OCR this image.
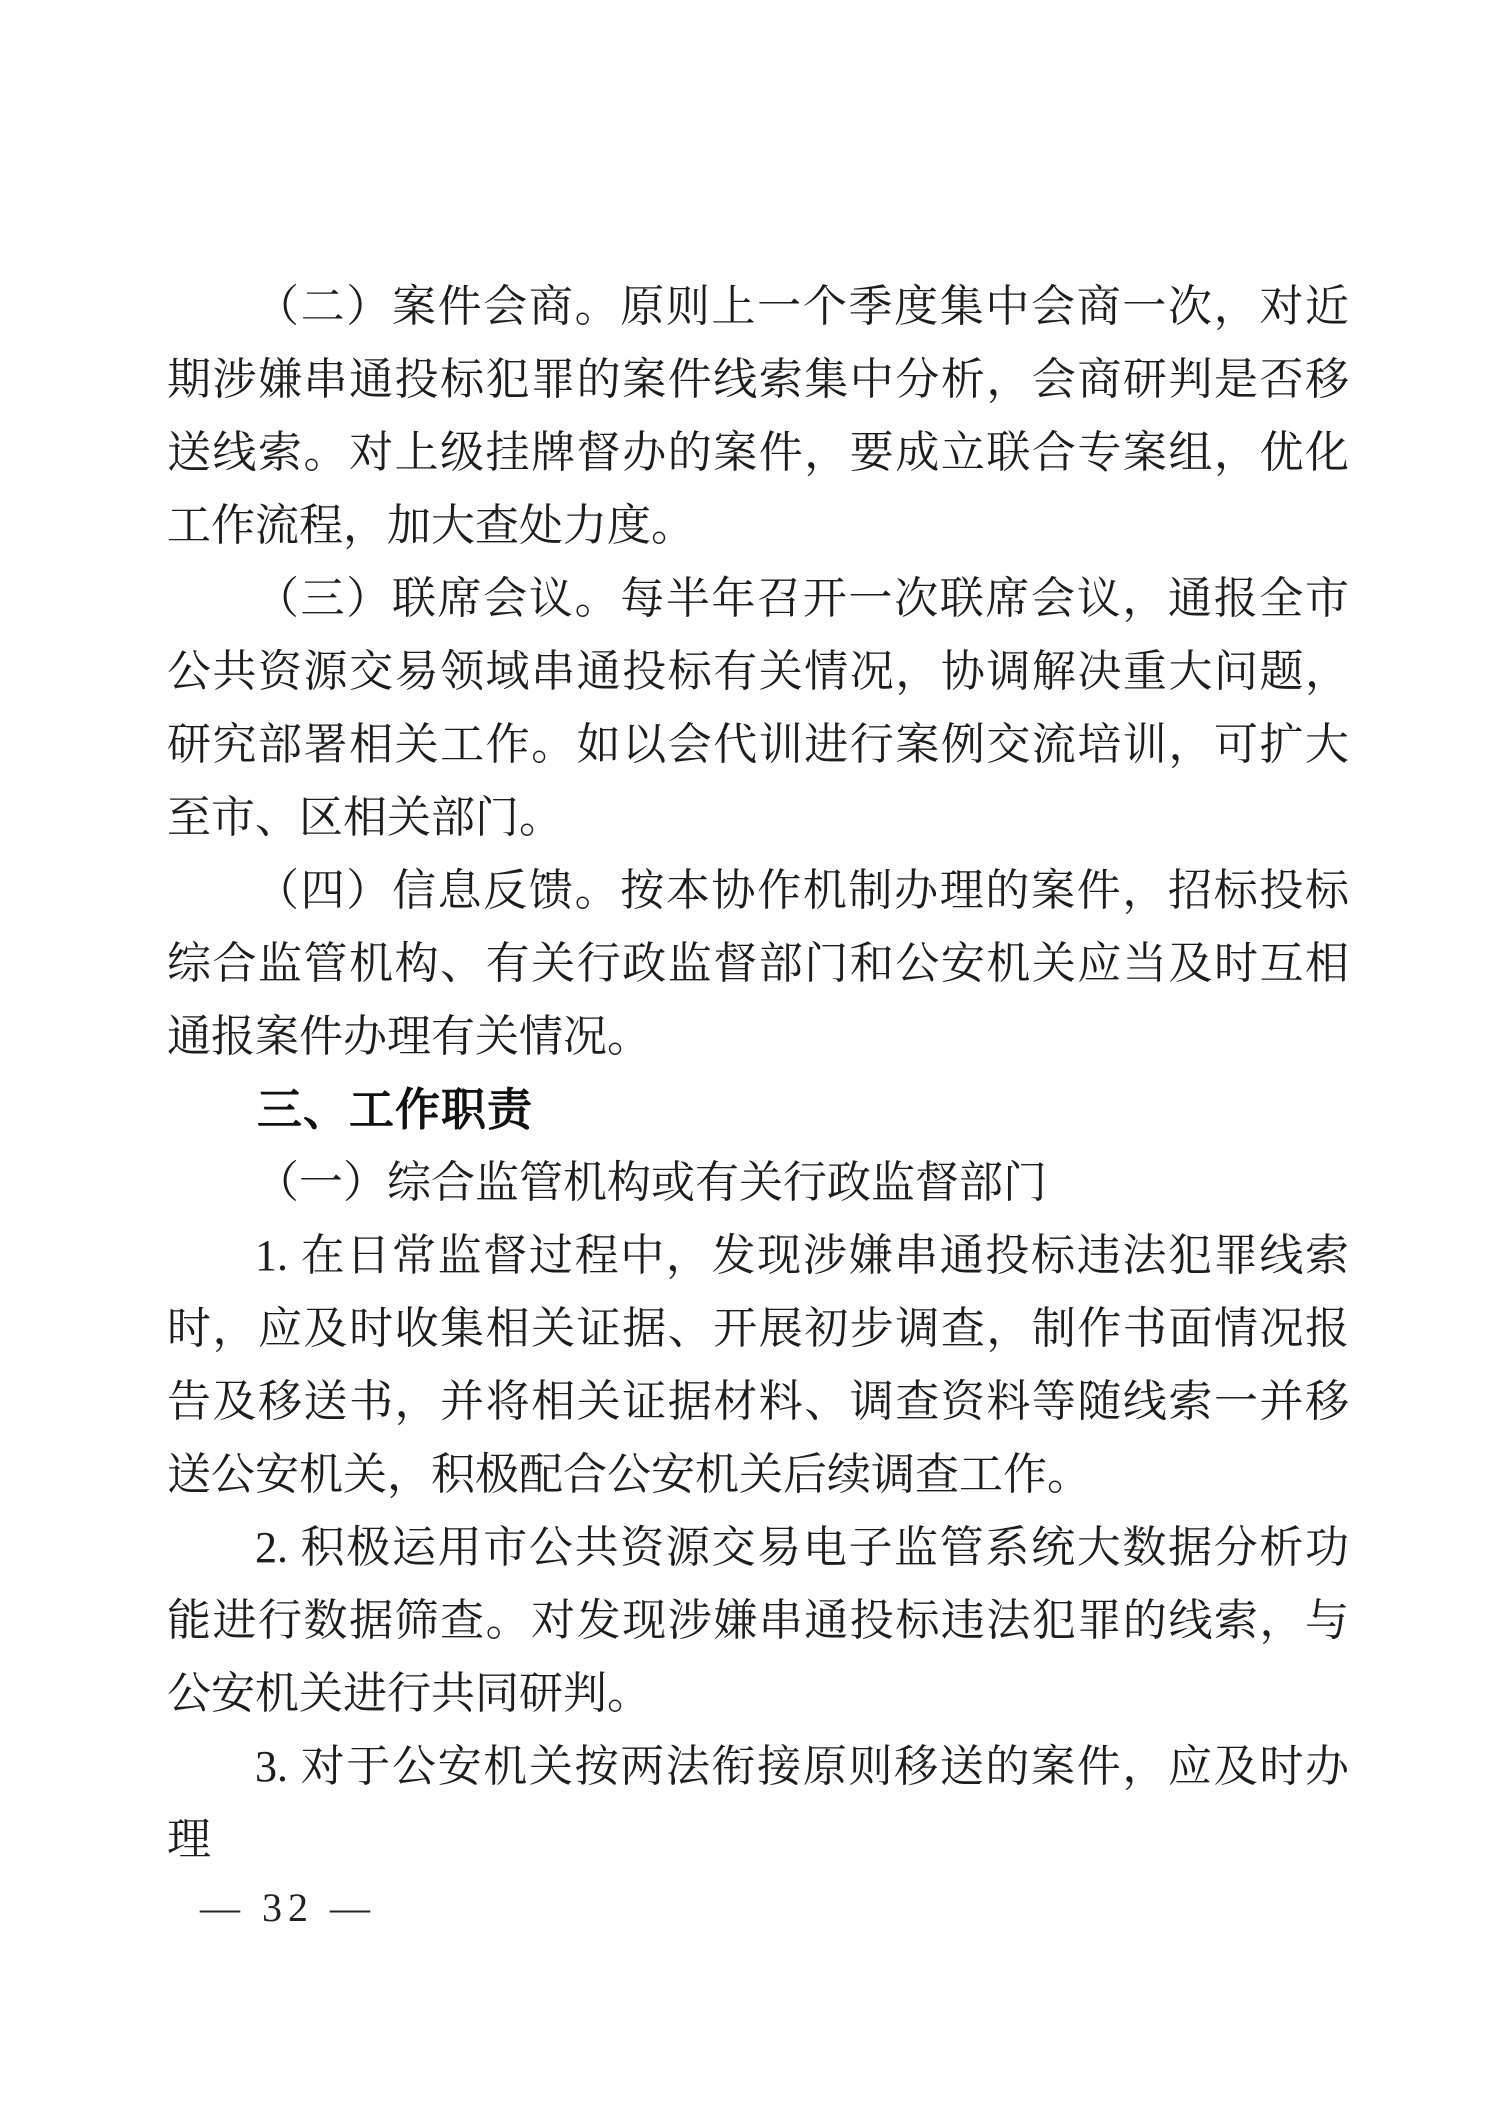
（二）案件会商。原则上一个季度集中会商一次，对近期涉嫌串通投标犯罪的案件线索集中分析，会商研判是否移送线索。对上级挂牌督办的案件，要成立联合专案组，优化工作流程，加大查处力度。

（三）联席会议。每半年召开一次联席会议，通报全市公共资源交易领域串通投标有关情况，协调解决重大问题，研究部署相关工作。如以会代训进行案例交流培训，可扩大至市、区相关部门。

（四）信息反馈。按本协作机制办理的案件，招标投标综合监管机构、有关行政监督部门和公安机关应当及时互相通报案件办理有关情况。

三、工作职责

（一）综合监管机构或有关行政监督部门

1. 在日常监督过程中，发现涉嫌串通投标违法犯罪线索时，应及时收集相关证据、开展初步调查，制作书面情况报告及移送书，并将相关证据材料、调查资料等随线索一并移送公安机关，积极配合公安机关后续调查工作。

2. 积极运用市公共资源交易电子监管系统大数据分析功能进行数据筛查。对发现涉嫌串通投标违法犯罪的线索，与公安机关进行共同研判。

3. 对于公安机关按两法衔接原则移送的案件，应及时办理

— 32 —
